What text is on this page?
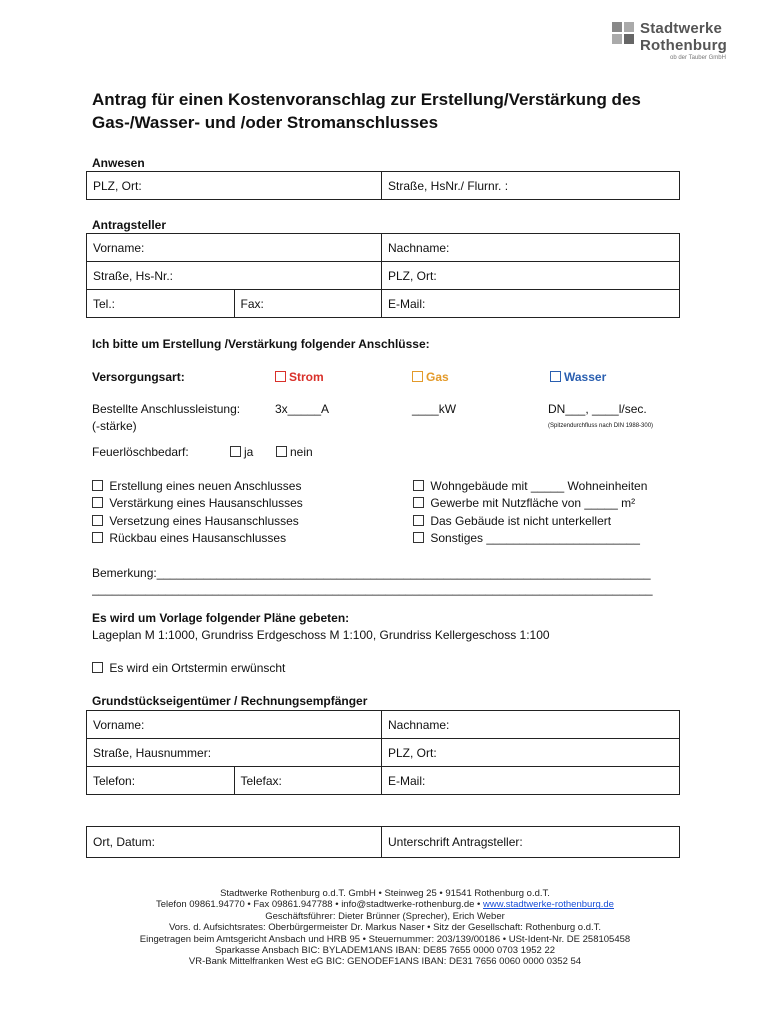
Stadtwerke
Rothenburg
ob der Tauber GmbH
Antrag für einen Kostenvoranschlag zur Erstellung/Verstärkung des
Gas-/Wasser- und /oder Stromanschlusses
Anwesen
PLZ, Ort:	Straße, HsNr./ Flurnr. :
Antragsteller
Vorname:		Nachname:
Straße, Hs-Nr.:		PLZ, Ort:
Tel.:	Fax:	E-Mail:
Ich bitte um Erstellung /Verstärkung folgender Anschlüsse:
Versorgungsart:	Strom	Gas	Wasser
Bestellte Anschlussleistung:
(-stärke)
3x_____A	____kW	DN___, ____l/sec.
(Spitzendurchfluss nach DIN 1988-300)
Feuerlöschbedarf:	ja	nein
Erstellung eines neuen Anschlusses
Verstärkung eines Hausanschlusses
Versetzung eines Hausanschlusses
Rückbau eines Hausanschlusses
Wohngebäude mit _____ Wohneinheiten
Gewerbe mit Nutzfläche von _____ m²
Das Gebäude ist nicht unterkellert
Sonstiges _______________________
Bemerkung:__________________________________________________________________________
____________________________________________________________________________________
Es wird um Vorlage folgender Pläne gebeten:
Lageplan M 1:1000, Grundriss Erdgeschoss M 1:100, Grundriss Kellergeschoss 1:100
Es wird ein Ortstermin erwünscht
Grundstückseigentümer / Rechnungsempfänger
Vorname:		Nachname:
Straße, Hausnummer:		PLZ, Ort:
Telefon:	Telefax:	E-Mail:
Ort, Datum:	Unterschrift Antragsteller:
Stadtwerke Rothenburg o.d.T. GmbH • Steinweg 25 • 91541 Rothenburg o.d.T.
Telefon 09861.94770 • Fax 09861.947788 • info@stadtwerke-rothenburg.de • www.stadtwerke-rothenburg.de
Geschäftsführer: Dieter Brünner (Sprecher), Erich Weber
Vors. d. Aufsichtsrates: Oberbürgermeister Dr. Markus Naser • Sitz der Gesellschaft: Rothenburg o.d.T.
Eingetragen beim Amtsgericht Ansbach und HRB 95 • Steuernummer: 203/139/00186 • USt-Ident-Nr. DE 258105458
Sparkasse Ansbach BIC: BYLADEM1ANS IBAN: DE85 7655 0000 0703 1952 22
VR-Bank Mittelfranken West eG BIC: GENODEF1ANS IBAN: DE31 7656 0060 0000 0352 54
